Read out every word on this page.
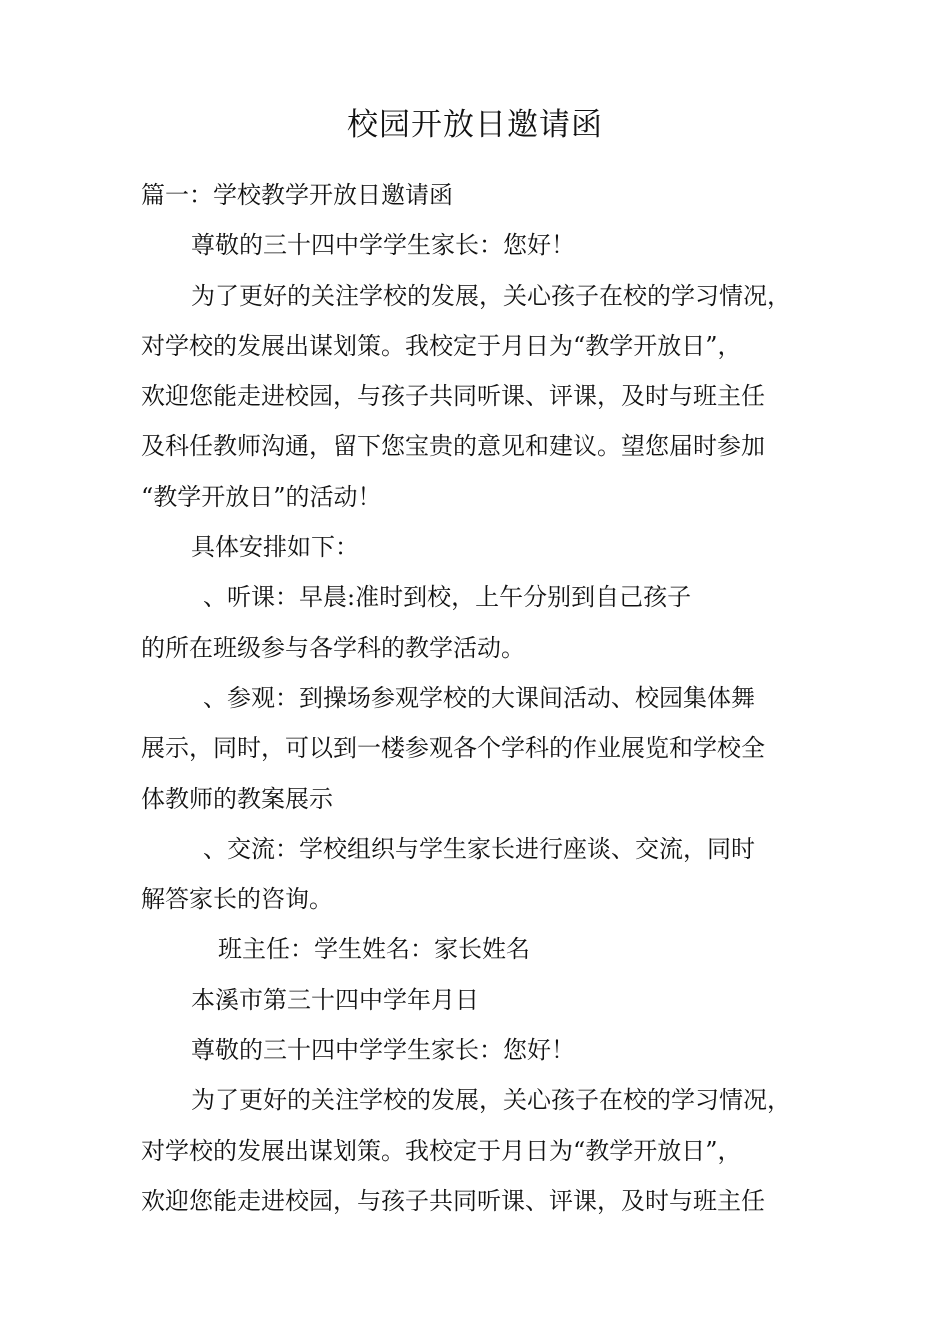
校园开放日邀请函
篇一：学校教学开放日邀请函
尊敬的三十四中学学生家长：您好！
为了更好的关注学校的发展，关心孩子在校的学习情况，
对学校的发展出谋划策。我校定于月日为“教学开放日”，
欢迎您能走进校园，与孩子共同听课、评课，及时与班主任
及科任教师沟通，留下您宝贵的意见和建议。望您届时参加
“教学开放日”的活动！
具体安排如下：
、听课：早晨:准时到校，上午分别到自己孩子
的所在班级参与各学科的教学活动。
、参观：到操场参观学校的大课间活动、校园集体舞
展示，同时，可以到一楼参观各个学科的作业展览和学校全
体教师的教案展示
、交流：学校组织与学生家长进行座谈、交流，同时
解答家长的咨询。
班主任：学生姓名：家长姓名
本溪市第三十四中学年月日
尊敬的三十四中学学生家长：您好！
为了更好的关注学校的发展，关心孩子在校的学习情况，
对学校的发展出谋划策。我校定于月日为“教学开放日”，
欢迎您能走进校园，与孩子共同听课、评课，及时与班主任
